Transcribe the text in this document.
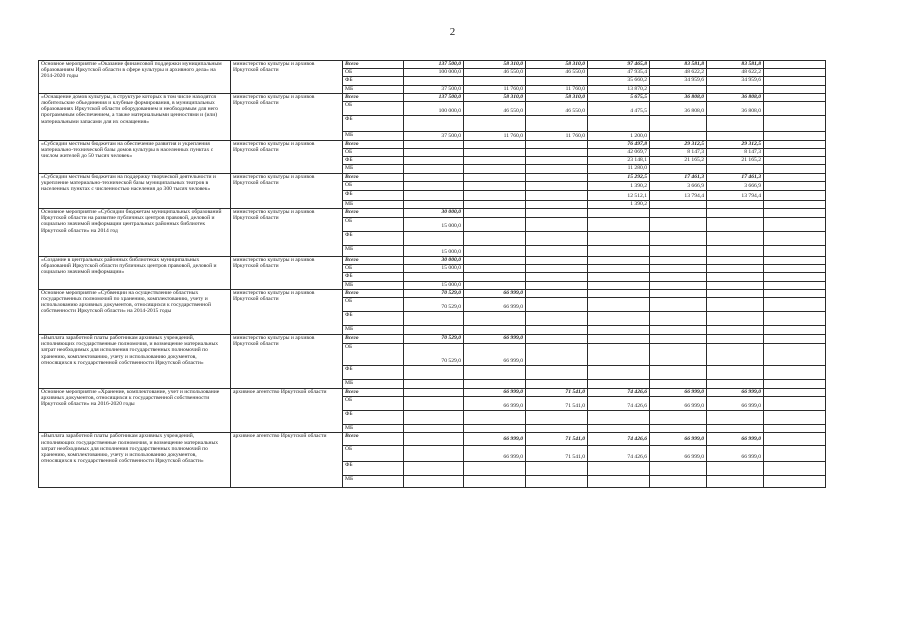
2
Основное мероприятие «Оказание финансовой поддержки муниципальным образованиям Иркутской области в сфере культуры и архивного дела» на 2014-2020 годы	министерство культуры и архивов Иркутской области	Всего	137 500,0	58 310,0	58 310,0	97 465,8	83 581,8	83 581,8	
		ОБ	100 000,0	46 550,0	46 550,0	47 935,4	48 622,2	48 622,2	
		ФБ				35 660,2	34 959,6	34 959,6	
		МБ	37 500,0	11 760,0	11 760,0	13 870,2			
«Оснащение домов культуры, в структуре которых в том числе находятся любительские объединения и клубные формирования, в муниципальных образованиях Иркутской области оборудованием и необходимым для него программным обеспечением, а также материальными ценностями и (или) материальными запасами для их оснащения»	министерство культуры и архивов Иркутской области	Всего	137 500,0	58 310,0	58 310,0	5 675,5	36 808,0	36 808,0	
		ОБ	100 000,0	46 550,0	46 550,0	4 475,5	36 808,0	36 808,0	
		ФБ							
		МБ	37 500,0	11 760,0	11 760,0	1 200,0			
«Субсидии местным бюджетам на обеспечение развития и укрепления материально-технической базы домов культуры в населенных пунктах с числом жителей до 50 тысяч человек»	министерство культуры и архивов Иркутской области	Всего				76 497,8	29 312,5	29 312,5	
		ОБ				42 069,7	8 147,3	8 147,3	
		ФБ				23 148,1	21 165,2	21 165,2	
		МБ				11 280,0			
«Субсидии местным бюджетам на поддержку творческой деятельности и укрепление материально-технической базы муниципальных театров в населенных пунктах с численностью населения до 300 тысяч человек»	министерство культуры и архивов Иркутской области	Всего				15 292,5	17 461,3	17 461,3	
		ОБ				1 390,2	3 666,9	3 666,9	
		ФБ				12 512,1	13 794,4	13 794,4	
		МБ				1 390,2			
Основное мероприятие «Субсидии бюджетам муниципальных образований Иркутской области на развитие публичных центров правовой, деловой и социально значимой информации центральных районных библиотек Иркутской области» на 2014 год	министерство культуры и архивов Иркутской области	Всего	30 000,0						
		ОБ	15 000,0						
		ФБ							
		МБ	15 000,0						
«Создание в центральных районных библиотеках муниципальных образований Иркутской области публичных центров правовой, деловой и социально значимой информации»	министерство культуры и архивов Иркутской области	Всего	30 000,0						
		ОБ	15 000,0						
		ФБ							
		МБ	15 000,0						
Основное мероприятие «Субвенции на осуществление областных государственных полномочий по хранению, комплектованию, учету и использованию архивных документов, относящихся к государственной собственности Иркутской области» на 2014-2015 годы	министерство культуры и архивов Иркутской области	Всего	70 529,0	66 999,0					
		ОБ	70 529,0	66 999,0					
		ФБ							
		МБ							
«Выплата заработной платы работникам архивных учреждений, исполняющих государственные полномочия, и возмещение материальных затрат необходимых для исполнения государственных полномочий по хранению, комплектованию, учету и использованию документов, относящихся к государственной собственности Иркутской области»	министерство культуры и архивов Иркутской области	Всего	70 529,0	66 999,0					
		ОБ	70 529,0	66 999,0					
		ФБ							
		МБ							
Основное мероприятие «Хранение, комплектование, учет и использование архивных документов, относящихся к государственной собственности Иркутской области» на 2016-2020 годы	архивное агентство Иркутской области	Всего		66 999,0	71 541,0	74 426,6	66 999,0	66 999,0	
		ОБ		66 999,0	71 541,0	74 426,6	66 999,0	66 999,0	
		ФБ							
		МБ							
«Выплата заработной платы работникам архивных учреждений, исполняющих государственные полномочия, и возмещение материальных затрат необходимых для исполнения государственных полномочий по хранению, комплектованию, учету и использованию документов, относящихся к государственной собственности Иркутской области»	архивное агентство Иркутской области	Всего		66 999,0	71 541,0	74 426,6	66 999,0	66 999,0	
		ОБ		66 999,0	71 541,0	74 426,6	66 999,0	66 999,0	
		ФБ							
		МБ							
